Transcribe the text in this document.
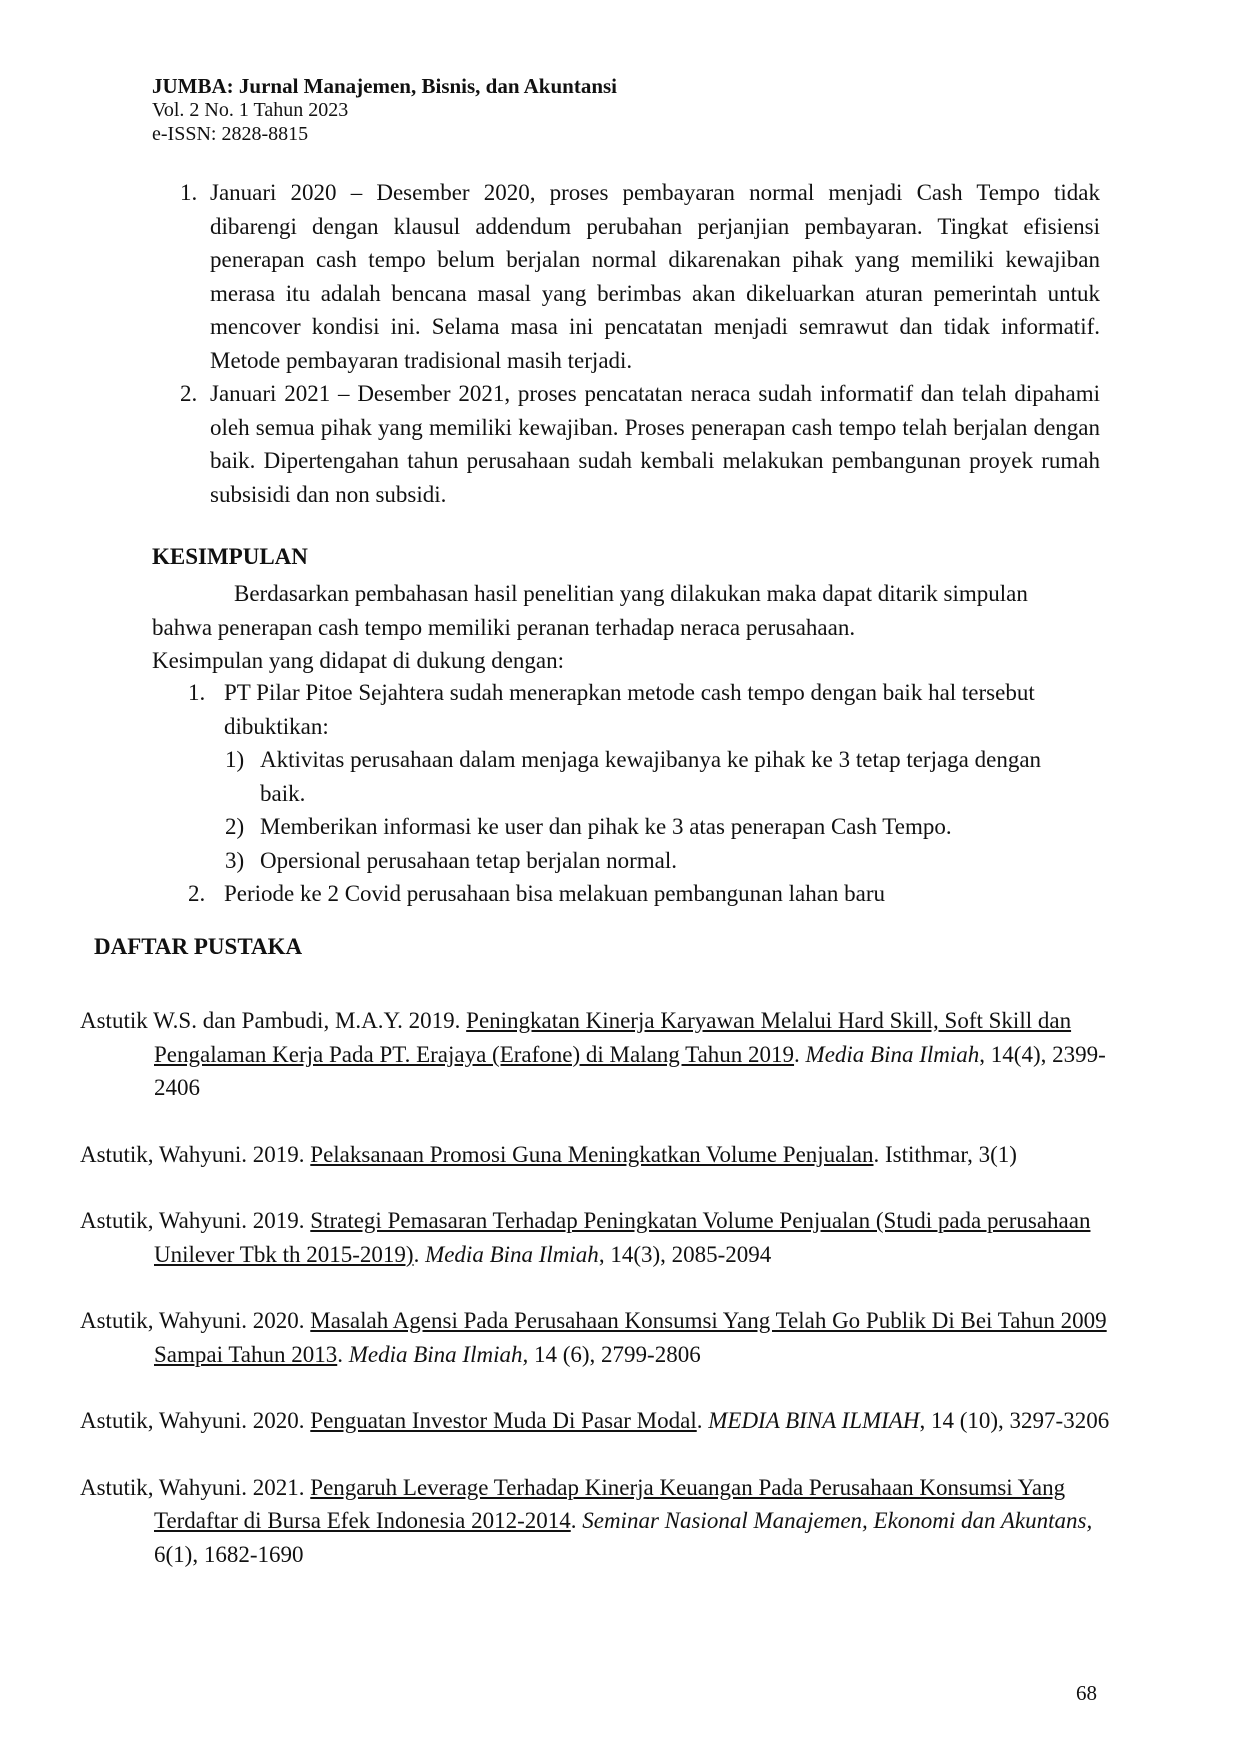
JUMBA: Jurnal Manajemen, Bisnis, dan Akuntansi
Vol. 2 No. 1 Tahun 2023
e-ISSN: 2828-8815
1. Januari 2020 – Desember 2020, proses pembayaran normal menjadi Cash Tempo tidak dibarengi dengan klausul addendum perubahan perjanjian pembayaran. Tingkat efisiensi penerapan cash tempo belum berjalan normal dikarenakan pihak yang memiliki kewajiban merasa itu adalah bencana masal yang berimbas akan dikeluarkan aturan pemerintah untuk mencover kondisi ini. Selama masa ini pencatatan menjadi semrawut dan tidak informatif. Metode pembayaran tradisional masih terjadi.
2. Januari 2021 – Desember 2021, proses pencatatan neraca sudah informatif dan telah dipahami oleh semua pihak yang memiliki kewajiban. Proses penerapan cash tempo telah berjalan dengan baik. Dipertengahan tahun perusahaan sudah kembali melakukan pembangunan proyek rumah subsisidi dan non subsidi.
KESIMPULAN

Berdasarkan pembahasan hasil penelitian yang dilakukan maka dapat ditarik simpulan bahwa penerapan cash tempo memiliki peranan terhadap neraca perusahaan.

Kesimpulan yang didapat di dukung dengan:

1. PT Pilar Pitoe Sejahtera sudah menerapkan metode cash tempo dengan baik hal tersebut dibuktikan:
1) Aktivitas perusahaan dalam menjaga kewajibanya ke pihak ke 3 tetap terjaga dengan baik.
2) Memberikan informasi ke user dan pihak ke 3 atas penerapan Cash Tempo.
3) Opersional perusahaan tetap berjalan normal.
2. Periode ke 2 Covid perusahaan bisa melakuan pembangunan lahan baru
DAFTAR PUSTAKA
Astutik W.S. dan Pambudi, M.A.Y. 2019. Peningkatan Kinerja Karyawan Melalui Hard Skill, Soft Skill dan Pengalaman Kerja Pada PT. Erajaya (Erafone) di Malang Tahun 2019. Media Bina Ilmiah, 14(4), 2399-2406
Astutik, Wahyuni. 2019. Pelaksanaan Promosi Guna Meningkatkan Volume Penjualan. Istithmar, 3(1)
Astutik, Wahyuni. 2019. Strategi Pemasaran Terhadap Peningkatan Volume Penjualan (Studi pada perusahaan Unilever Tbk th 2015-2019). Media Bina Ilmiah, 14(3), 2085-2094
Astutik, Wahyuni. 2020. Masalah Agensi Pada Perusahaan Konsumsi Yang Telah Go Publik Di Bei Tahun 2009 Sampai Tahun 2013. Media Bina Ilmiah, 14 (6), 2799-2806
Astutik, Wahyuni. 2020. Penguatan Investor Muda Di Pasar Modal. MEDIA BINA ILMIAH, 14 (10), 3297-3206
Astutik, Wahyuni. 2021. Pengaruh Leverage Terhadap Kinerja Keuangan Pada Perusahaan Konsumsi Yang Terdaftar di Bursa Efek Indonesia 2012-2014. Seminar Nasional Manajemen, Ekonomi dan Akuntans, 6(1), 1682-1690
68
